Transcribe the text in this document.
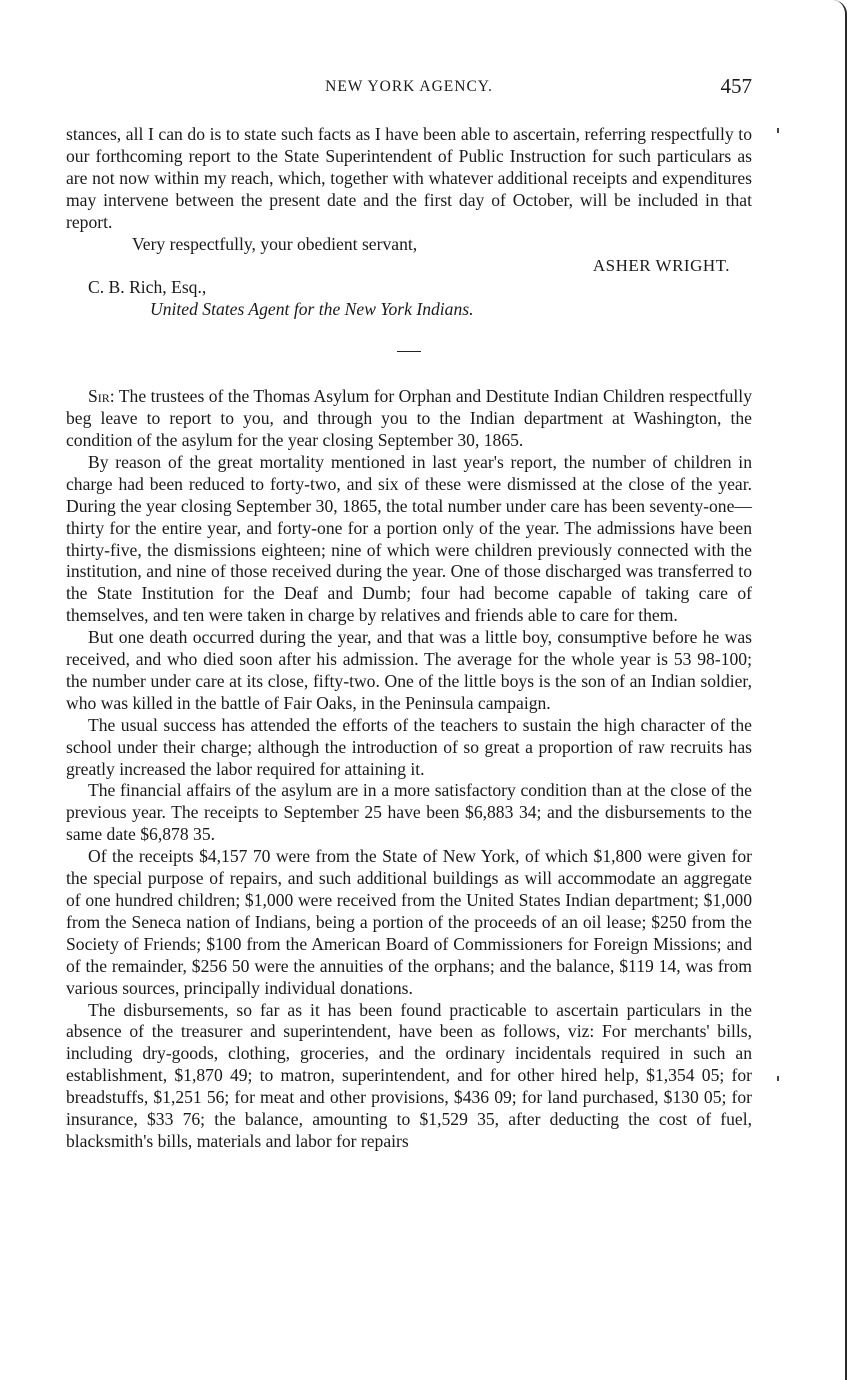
NEW YORK AGENCY.	457

stances, all I can do is to state such facts as I have been able to ascertain, referring respectfully to our forthcoming report to the State Superintendent of Public Instruction for such particulars as are not now within my reach, which, together with whatever additional receipts and expenditures may intervene between the present date and the first day of October, will be included in that report.

Very respectfully, your obedient servant,

ASHER WRIGHT.

C. B. Rich, Esq.,

United States Agent for the New York Indians.

Sir: The trustees of the Thomas Asylum for Orphan and Destitute Indian Children respectfully beg leave to report to you, and through you to the Indian department at Washington, the condition of the asylum for the year closing September 30, 1865.

By reason of the great mortality mentioned in last year's report, the number of children in charge had been reduced to forty-two, and six of these were dismissed at the close of the year. During the year closing September 30, 1865, the total number under care has been seventy-one—thirty for the entire year, and forty-one for a portion only of the year. The admissions have been thirty-five, the dismissions eighteen; nine of which were children previously connected with the institution, and nine of those received during the year. One of those discharged was transferred to the State Institution for the Deaf and Dumb; four had become capable of taking care of themselves, and ten were taken in charge by relatives and friends able to care for them.

But one death occurred during the year, and that was a little boy, consumptive before he was received, and who died soon after his admission. The average for the whole year is 53 98-100; the number under care at its close, fifty-two. One of the little boys is the son of an Indian soldier, who was killed in the battle of Fair Oaks, in the Peninsula campaign.

The usual success has attended the efforts of the teachers to sustain the high character of the school under their charge; although the introduction of so great a proportion of raw recruits has greatly increased the labor required for attaining it.

The financial affairs of the asylum are in a more satisfactory condition than at the close of the previous year. The receipts to September 25 have been $6,883 34; and the disbursements to the same date $6,878 35.

Of the receipts $4,157 70 were from the State of New York, of which $1,800 were given for the special purpose of repairs, and such additional buildings as will accommodate an aggregate of one hundred children; $1,000 were received from the United States Indian department; $1,000 from the Seneca nation of Indians, being a portion of the proceeds of an oil lease; $250 from the Society of Friends; $100 from the American Board of Commissioners for Foreign Missions; and of the remainder, $256 50 were the annuities of the orphans; and the balance, $119 14, was from various sources, principally individual donations.

The disbursements, so far as it has been found practicable to ascertain particulars in the absence of the treasurer and superintendent, have been as follows, viz: For merchants' bills, including dry-goods, clothing, groceries, and the ordinary incidentals required in such an establishment, $1,870 49; to matron, superintendent, and for other hired help, $1,354 05; for breadstuffs, $1,251 56; for meat and other provisions, $436 09; for land purchased, $130 05; for insurance, $33 76; the balance, amounting to $1,529 35, after deducting the cost of fuel, blacksmith's bills, materials and labor for repairs
